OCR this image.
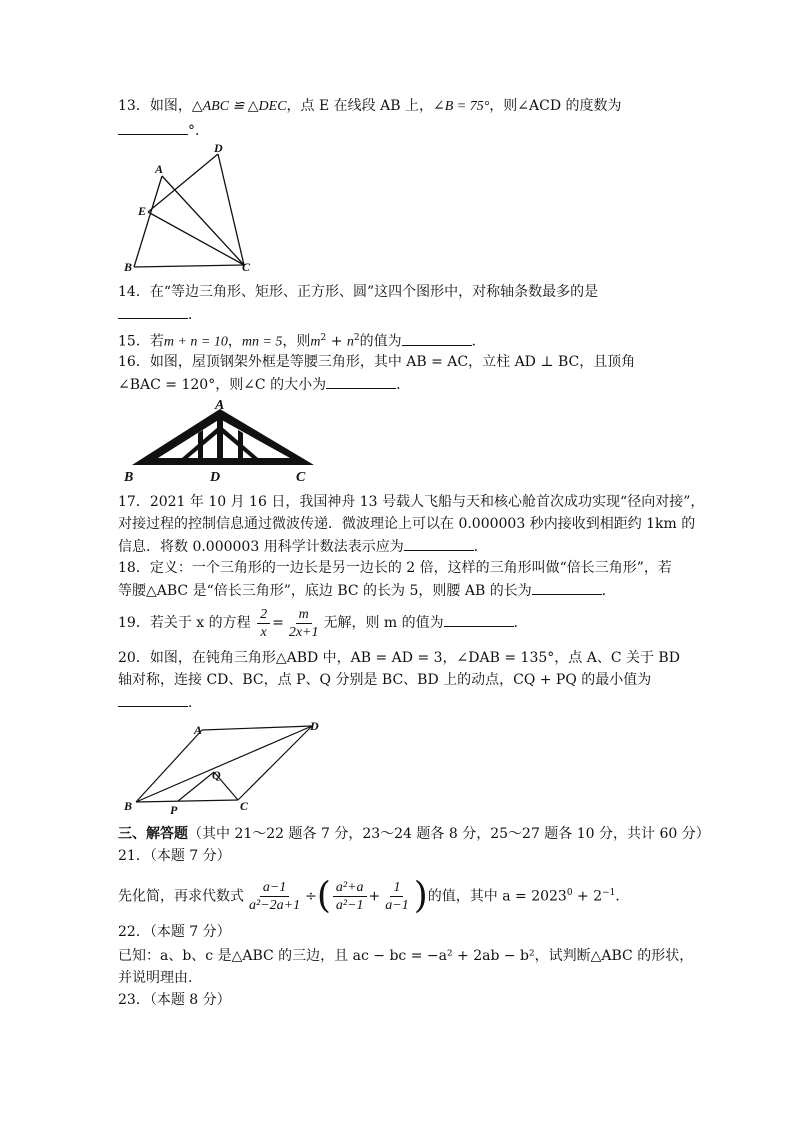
13．如图，△ABC ≌ △DEC，点 E 在线段 AB 上，∠B = 75°，则∠ACD 的度数为
°．
A
D
E
B	C
14．在“等边三角形、矩形、正方形、圆”这四个图形中，对称轴条数最多的是
．
15．若m + n = 10，mn = 5，则$m^2 + n^2$的值为	．
16．如图，屋顶钢架外框是等腰三角形，其中 AB = AC，立柱 AD ⊥ BC，且顶角
∠BAC = 120°，则∠C 的大小为	．
A
B	D	C
17．2021 年 10 月 16 日，我国神舟 13 号载人飞船与天和核心舱首次成功实现“径向对接”，
对接过程的控制信息通过微波传递．微波理论上可以在 0.000003 秒内接收到相距约 1km 的
信息．将数 0.000003 用科学计数法表示应为	．
18．定义：一个三角形的一边长是另一边长的 2 倍，这样的三角形叫做“倍长三角形”，若
等腰△ABC 是“倍长三角形”，底边 BC 的长为 5，则腰 AB 的长为	．
19．若关于 x 的方程 $\frac{2}{x} = \frac{m}{2x+1}$ 无解，则 m 的值为	．
20．如图，在钝角三角形△ABD 中，AB = AD = 3，∠DAB = 135°，点 A、C 关于 BD
轴对称，连接 CD、BC，点 P、Q 分别是 BC、BD 上的动点，CQ + PQ 的最小值为
．
A	D
B	P
Q
C
三、解答题（其中 21～22 题各 7 分，23～24 题各 8 分，25～27 题各 10 分，共计 60 分）
21．（本题 7 分）
先化简，再求代数式 $\frac{a-1}{\text{a²−2a+1}}$ ÷( $\frac{\text{a²+a}}{\text{a²−1}} + \frac{1}{a-1}$ )的值，其中 $a = 2023^0 + 2^{-1}$．
22．（本题 7 分）
已知：a、b、c 是△ABC 的三边，且 ac − bc = −a² + 2ab − b²，试判断△ABC 的形状，
并说明理由．
23．（本题 8 分）
